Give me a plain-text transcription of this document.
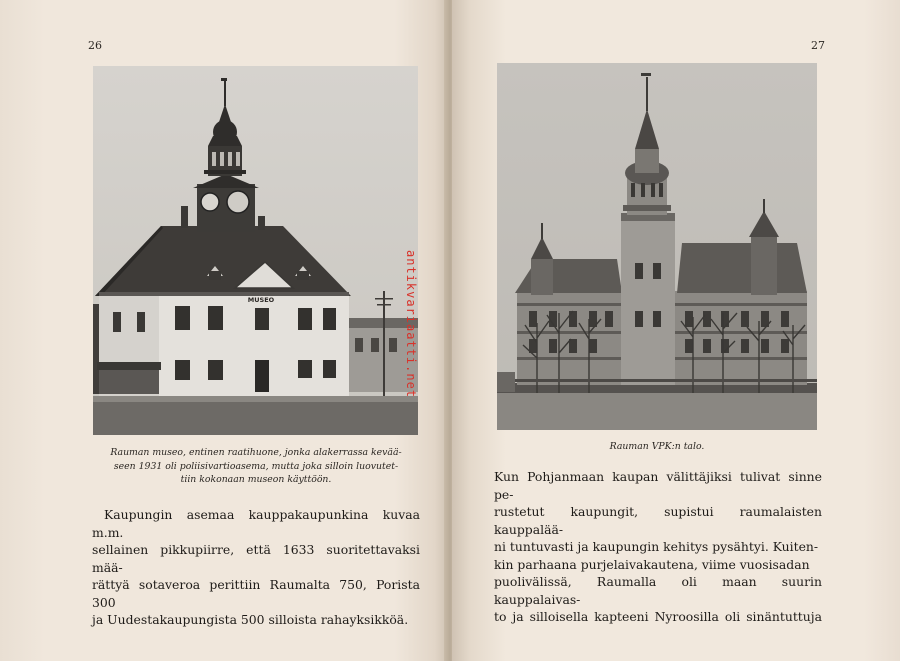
26
MUSEO
Rauman museo, entinen raatihuone, jonka alakerrassa kevää-
seen 1931 oli poliisivartioasema, mutta joka silloin luovutet-
tiin kokonaan museon käyttöön.

Kaupungin asemaa kauppakaupunkina kuvaa m.m.

sellainen pikkupiirre, että 1633 suoritettavaksi mää-

rättyä sotaveroa perittiin Raumalta 750, Porista 300

ja Uudestakaupungista 500 silloista rahayksikköä.

antikvariaatti.net
27
Rauman VPK:n talo.

Kun Pohjanmaan kaupan välittäjiksi tulivat sinne pe-

rustetut kaupungit, supistui raumalaisten kauppalää-

ni tuntuvasti ja kaupungin kehitys pysähtyi. Kuiten-

kin parhaana purjelaivakautena, viime vuosisadan

puolivälissä, Raumalla oli maan suurin kauppalaivas-

to ja silloisella kapteeni Nyroosilla oli sinäntuttuja
